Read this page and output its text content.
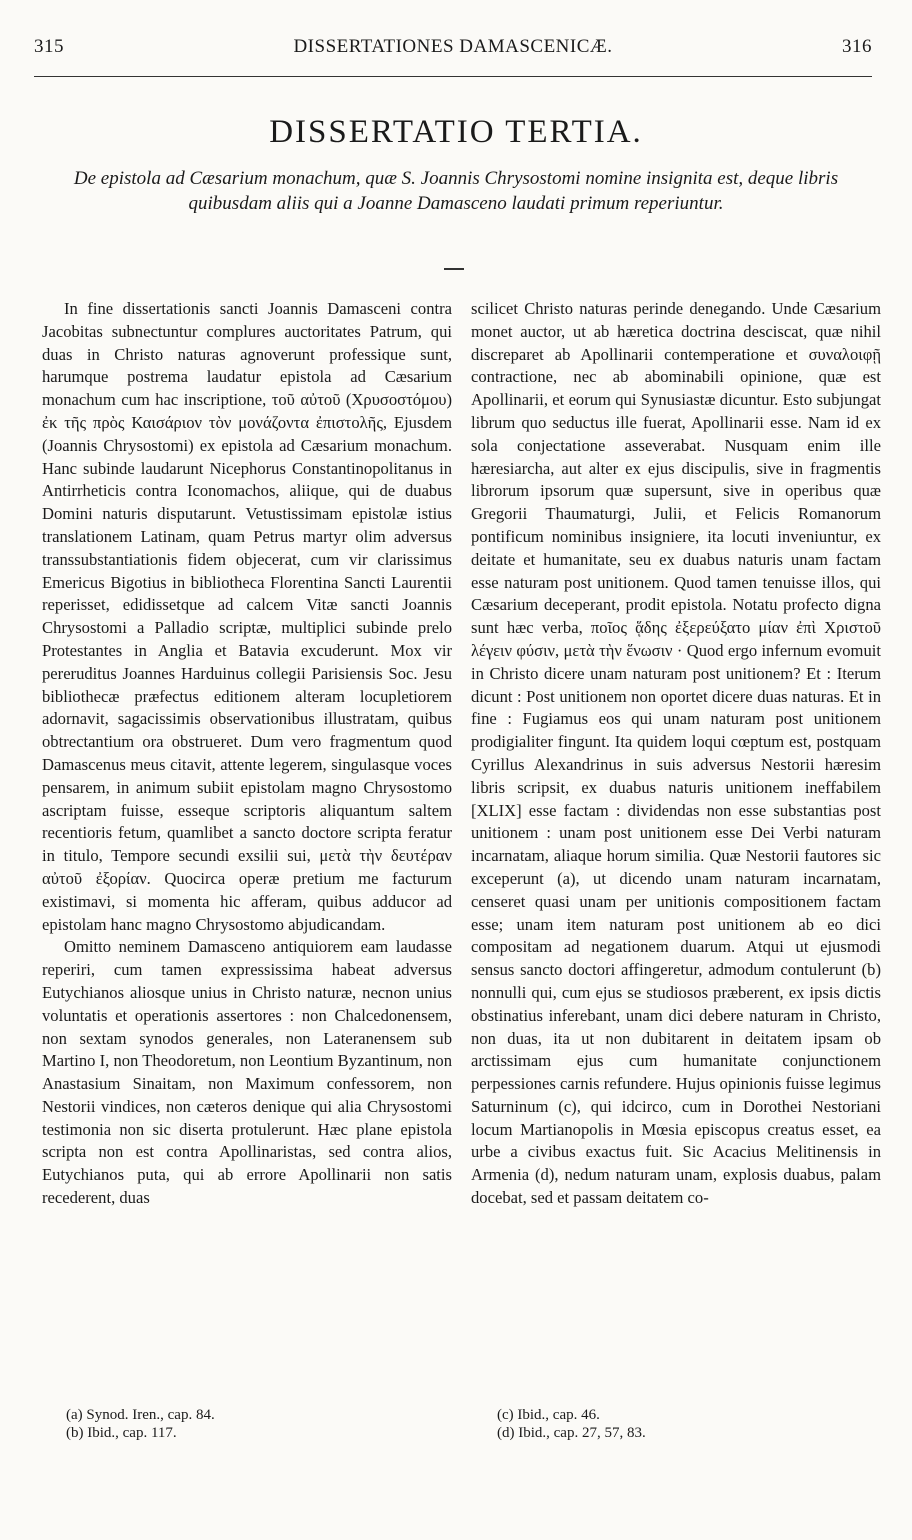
DISSERTATIONES DAMASCENICÆ.
315	316
DISSERTATIO TERTIA.
De epistola ad Cæsarium monachum, quæ S. Joannis Chrysostomi nomine insignita est, deque libris quibusdam aliis qui a Joanne Damasceno laudati primum reperiuntur.

In fine dissertationis sancti Joannis Damasceni contra Jacobitas subnectuntur complures auctoritates Patrum, qui duas in Christo naturas agnoverunt professique sunt, harumque postrema laudatur epistola ad Cæsarium monachum cum hac inscriptione, τοῦ αὐτοῦ (Χρυσοστόμου) ἐκ τῆς πρὸς Καισάριον τὸν μονάζοντα ἐπιστολῆς, Ejusdem (Joannis Chrysostomi) ex epistola ad Cæsarium monachum. Hanc subinde laudarunt Nicephorus Constantinopolitanus in Antirrheticis contra Iconomachos, aliique, qui de duabus Domini naturis disputarunt. Vetustissimam epistolæ istius translationem Latinam, quam Petrus martyr olim adversus transsubstantiationis fidem objecerat, cum vir clarissimus Emericus Bigotius in bibliotheca Florentina Sancti Laurentii reperisset, edidissetque ad calcem Vitæ sancti Joannis Chrysostomi a Palladio scriptæ, multiplici subinde prelo Protestantes in Anglia et Batavia excuderunt. Mox vir pereruditus Joannes Harduinus collegii Parisiensis Soc. Jesu bibliothecæ præfectus editionem alteram locupletiorem adornavit, sagacissimis observationibus illustratam, quibus obtrectantium ora obstrueret. Dum vero fragmentum quod Damascenus meus citavit, attente legerem, singulasque voces pensarem, in animum subiit epistolam magno Chrysostomo ascriptam fuisse, esseque scriptoris aliquantum saltem recentioris fetum, quamlibet a sancto doctore scripta feratur in titulo, Tempore secundi exsilii sui, μετὰ τὴν δευτέραν αὐτοῦ ἐξορίαν. Quocirca operæ pretium me facturum existimavi, si momenta hic afferam, quibus adducor ad epistolam hanc magno Chrysostomo abjudicandam.

Omitto neminem Damasceno antiquiorem eam laudasse reperiri, cum tamen expressissima habeat adversus Eutychianos aliosque unius in Christo naturæ, necnon unius voluntatis et operationis assertores : non Chalcedonensem, non sextam synodos generales, non Lateranensem sub Martino I, non Theodoretum, non Leontium Byzantinum, non Anastasium Sinaitam, non Maximum confessorem, non Nestorii vindices, non cæteros denique qui alia Chrysostomi testimonia non sic diserta protulerunt. Hæc plane epistola scripta non est contra Apollinaristas, sed contra alios, Eutychianos puta, qui ab errore Apollinarii non satis recederent, duas

scilicet Christo naturas perinde denegando. Unde Cæsarium monet auctor, ut ab hæretica doctrina desciscat, quæ nihil discreparet ab Apollinarii contemperatione et συναλοιφῇ contractione, nec ab abominabili opinione, quæ est Apollinarii, et eorum qui Synusiastæ dicuntur. Esto subjungat librum quo seductus ille fuerat, Apollinarii esse. Nam id ex sola conjectatione asseverabat. Nusquam enim ille hæresiarcha, aut alter ex ejus discipulis, sive in fragmentis librorum ipsorum quæ supersunt, sive in operibus quæ Gregorii Thaumaturgi, Julii, et Felicis Romanorum pontificum nominibus insigniere, ita locuti inveniuntur, ex deitate et humanitate, seu ex duabus naturis unam factam esse naturam post unitionem. Quod tamen tenuisse illos, qui Cæsarium deceperant, prodit epistola. Notatu profecto digna sunt hæc verba, ποῖος ᾅδης ἐξερεύξατο μίαν ἐπὶ Χριστοῦ λέγειν φύσιν, μετὰ τὴν ἕνωσιν · Quod ergo infernum evomuit in Christo dicere unam naturam post unitionem? Et : Iterum dicunt : Post unitionem non oportet dicere duas naturas. Et in fine : Fugiamus eos qui unam naturam post unitionem prodigialiter fingunt. Ita quidem loqui cœptum est, postquam Cyrillus Alexandrinus in suis adversus Nestorii hæresim libris scripsit, ex duabus naturis unitionem ineffabilem [XLIX] esse factam : dividendas non esse substantias post unitionem : unam post unitionem esse Dei Verbi naturam incarnatam, aliaque horum similia. Quæ Nestorii fautores sic exceperunt (a), ut dicendo unam naturam incarnatam, censeret quasi unam per unitionis compositionem factam esse; unam item naturam post unitionem ab eo dici compositam ad negationem duarum. Atqui ut ejusmodi sensus sancto doctori affingeretur, admodum contulerunt (b) nonnulli qui, cum ejus se studiosos præberent, ex ipsis dictis obstinatius inferebant, unam dici debere naturam in Christo, non duas, ita ut non dubitarent in deitatem ipsam ob arctissimam ejus cum humanitate conjunctionem perpessiones carnis refundere. Hujus opinionis fuisse legimus Saturninum (c), qui idcirco, cum in Dorothei Nestoriani locum Martianopolis in Mœsia episcopus creatus esset, ea urbe a civibus exactus fuit. Sic Acacius Melitinensis in Armenia (d), nedum naturam unam, explosis duabus, palam docebat, sed et passam deitatem co-

(a) Synod. Iren., cap. 84.
(b) Ibid., cap. 117.
(c) Ibid., cap. 46.
(d) Ibid., cap. 27, 57, 83.
